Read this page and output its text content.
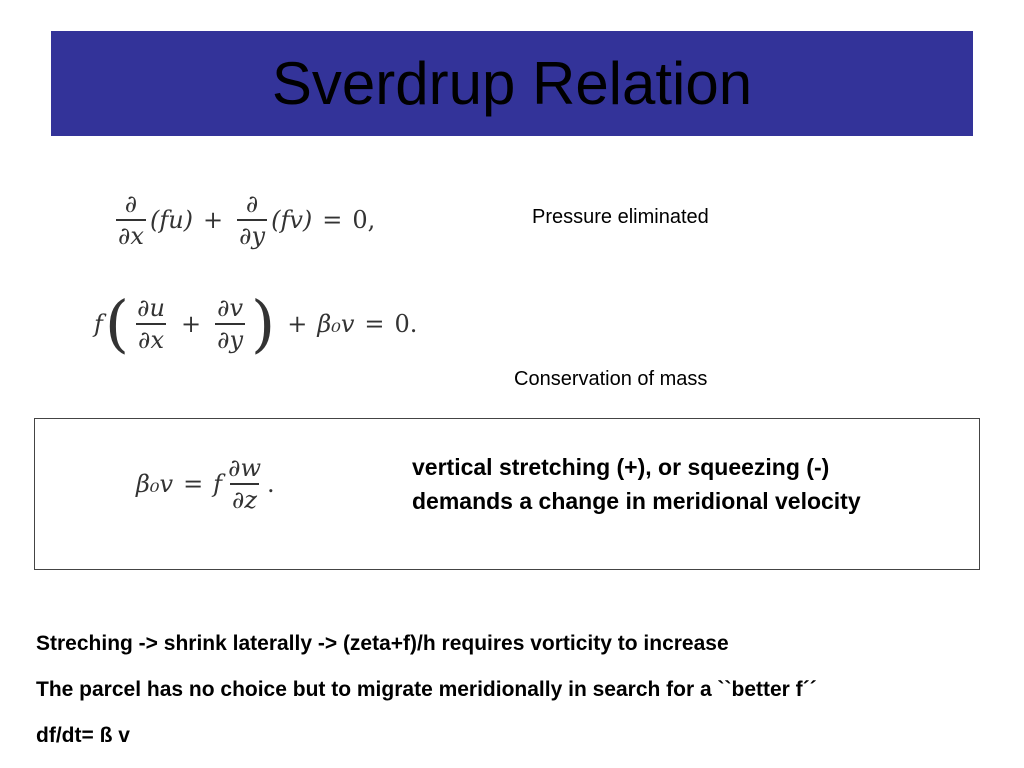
Sverdrup Relation
$\frac{\partial}{\partial x} (fu) + \frac{\partial}{\partial y} (fv) = 0$,	Pressure eliminated
f ( $\frac{\partial u}{\partial x} + \frac{\partial v}{\partial y}$ ) + β₀v = 0.
Conservation of mass
β₀v = f $\frac{\partial w}{\partial z}$ .
vertical stretching (+), or squeezing (-)
demands a change in meridional velocity
Streching -> shrink laterally -> (zeta+f)/h requires vorticity to increase
The parcel has no choice but to migrate meridionally in search for a ``better f´´
df/dt= ß v
